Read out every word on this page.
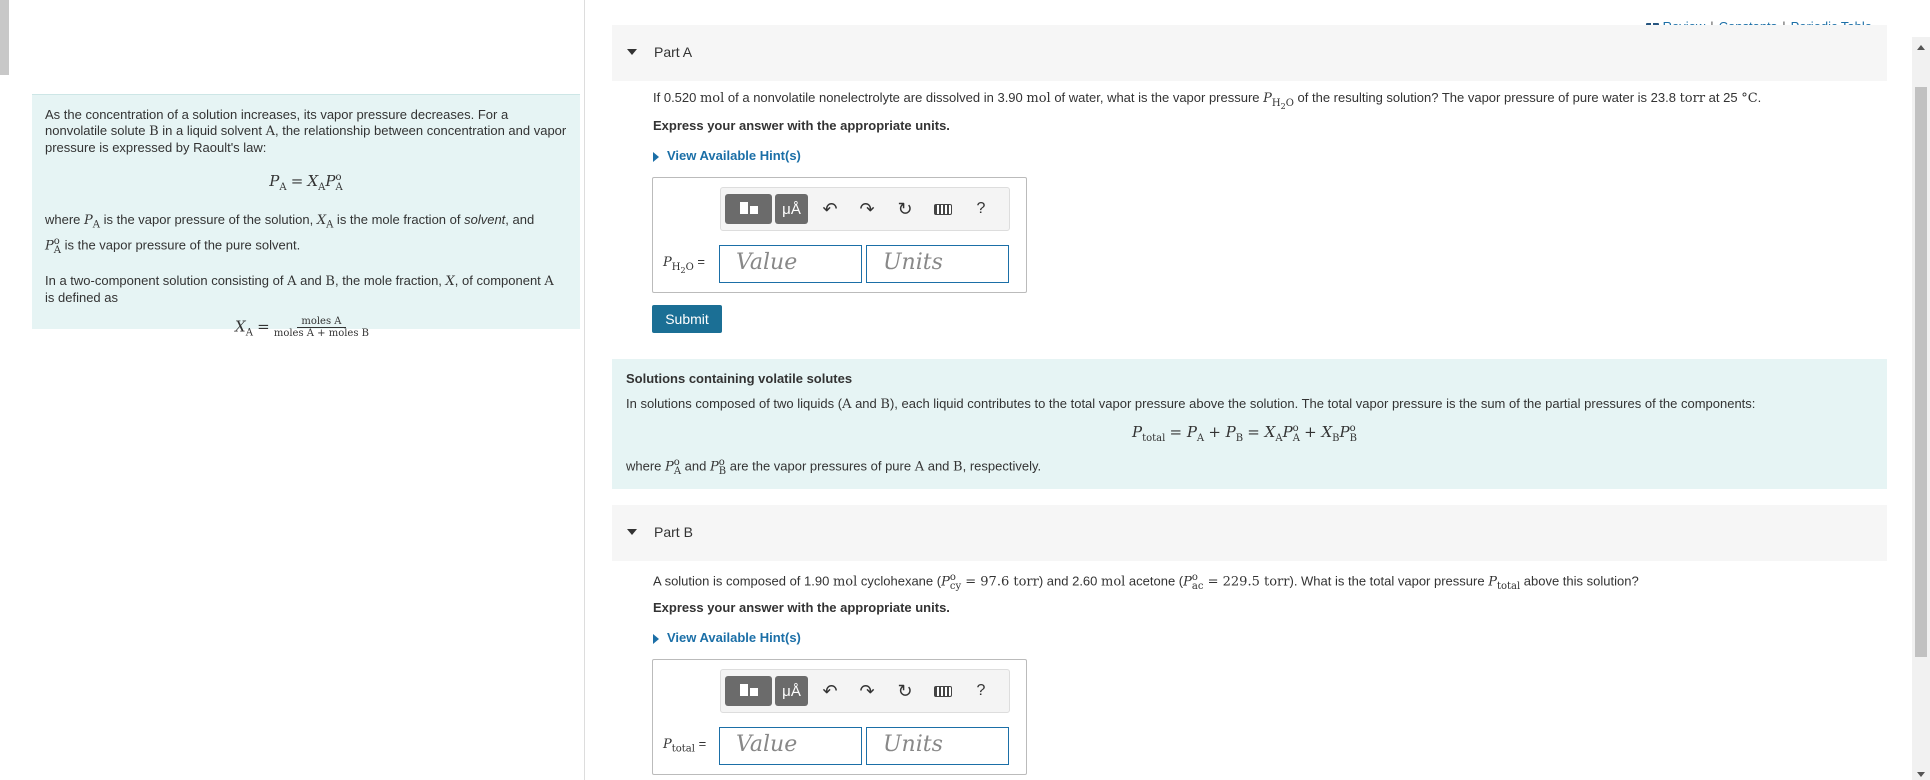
As the concentration of a solution increases, its vapor pressure decreases. For a nonvolatile solute B in a liquid solvent A, the relationship between concentration and vapor pressure is expressed by Raoult's law:

$P_A = X_AP^o_A$

where $P_A$ is the vapor pressure of the solution, $X_A$ is the mole fraction of solvent, and
$P^o_A$ is the vapor pressure of the pure solvent.

In a two-component solution consisting of A and B, the mole fraction, X, of component A
is defined as

$X_A = \frac{\text{moles A}}{\text{moles A + moles B}}$
Part A
If 0.520 mol of a nonvolatile nonelectrolyte are dissolved in 3.90 mol of water, what is the vapor pressure $P_{H_2O}$ of the resulting solution? The vapor pressure of pure water is 23.8 torr at 25 °C.
Express your answer with the appropriate units.
View Available Hint(s)
μÅ	↶ ↷ ↻	?
$P_{H_2O}$ =	Value	Units
Submit
Solutions containing volatile solutes
In solutions composed of two liquids (A and B), each liquid contributes to the total vapor pressure above the solution. The total vapor pressure is the sum of the partial pressures of the components:
$P_{total} = P_A + P_B = X_AP^o_A + X_BP^o_B$
where $P^o_A$ and $P^o_B$ are the vapor pressures of pure A and B, respectively.
Part B
A solution is composed of 1.90 mol cyclohexane ($P^o_{cy} = 97.6$ torr) and 2.60 mol acetone ($P^o_{ac} = 229.5$ torr). What is the total vapor pressure $P_{total}$ above this solution?
Express your answer with the appropriate units.
View Available Hint(s)
μÅ	↶ ↷ ↻	?
$P_{total}$ =	Value	Units
